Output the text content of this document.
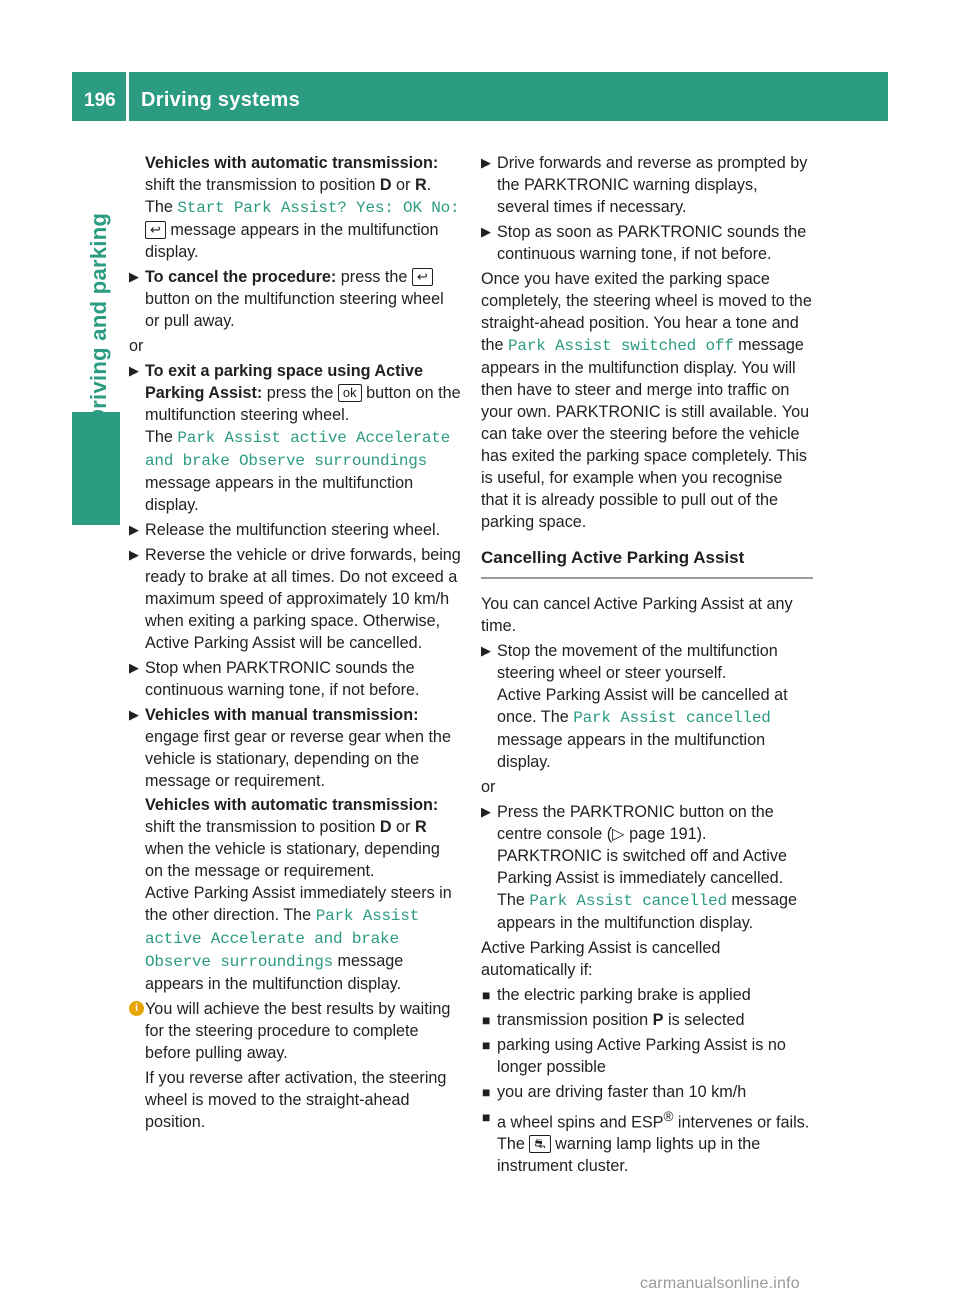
196 Driving systems
Driving and parking
Vehicles with automatic transmission:
shift the transmission to position D or R.
The Start Park Assist? Yes: OK No:
↩ message appears in the multifunction display.
▶ To cancel the procedure: press the ↩ button on the multifunction steering wheel or pull away.
or
▶ To exit a parking space using Active Parking Assist: press the ok button on the multifunction steering wheel.
The Park Assist active Accelerate
and brake Observe surroundings message appears in the multifunction display.
▶ Release the multifunction steering wheel.
▶ Reverse the vehicle or drive forwards, being ready to brake at all times. Do not exceed a maximum speed of approximately 10 km/h when exiting a parking space. Otherwise, Active Parking Assist will be cancelled.
▶ Stop when PARKTRONIC sounds the continuous warning tone, if not before.
▶ Vehicles with manual transmission: engage first gear or reverse gear when the vehicle is stationary, depending on the message or requirement.
Vehicles with automatic transmission: shift the transmission to position D or R when the vehicle is stationary, depending on the message or requirement.
Active Parking Assist immediately steers in the other direction. The Park Assist
active Accelerate and brake
Observe surroundings message appears in the multifunction display.
i You will achieve the best results by waiting for the steering procedure to complete before pulling away.
If you reverse after activation, the steering wheel is moved to the straight-ahead position.
▶ Drive forwards and reverse as prompted by the PARKTRONIC warning displays, several times if necessary.
▶ Stop as soon as PARKTRONIC sounds the continuous warning tone, if not before.
Once you have exited the parking space completely, the steering wheel is moved to the straight-ahead position. You hear a tone and the Park Assist switched off message appears in the multifunction display. You will then have to steer and merge into traffic on your own. PARKTRONIC is still available. You can take over the steering before the vehicle has exited the parking space completely. This is useful, for example when you recognise that it is already possible to pull out of the parking space.
Cancelling Active Parking Assist
You can cancel Active Parking Assist at any time.
▶ Stop the movement of the multifunction steering wheel or steer yourself.
Active Parking Assist will be cancelled at once. The Park Assist cancelled message appears in the multifunction display.
or
▶ Press the PARKTRONIC button on the centre console (▷ page 191).
PARKTRONIC is switched off and Active Parking Assist is immediately cancelled.
The Park Assist cancelled message appears in the multifunction display.
Active Parking Assist is cancelled automatically if:
■ the electric parking brake is applied
■ transmission position P is selected
■ parking using Active Parking Assist is no longer possible
■ you are driving faster than 10 km/h
■ a wheel spins and ESP® intervenes or fails. The ⛐ warning lamp lights up in the instrument cluster.
carmanualsonline.info
